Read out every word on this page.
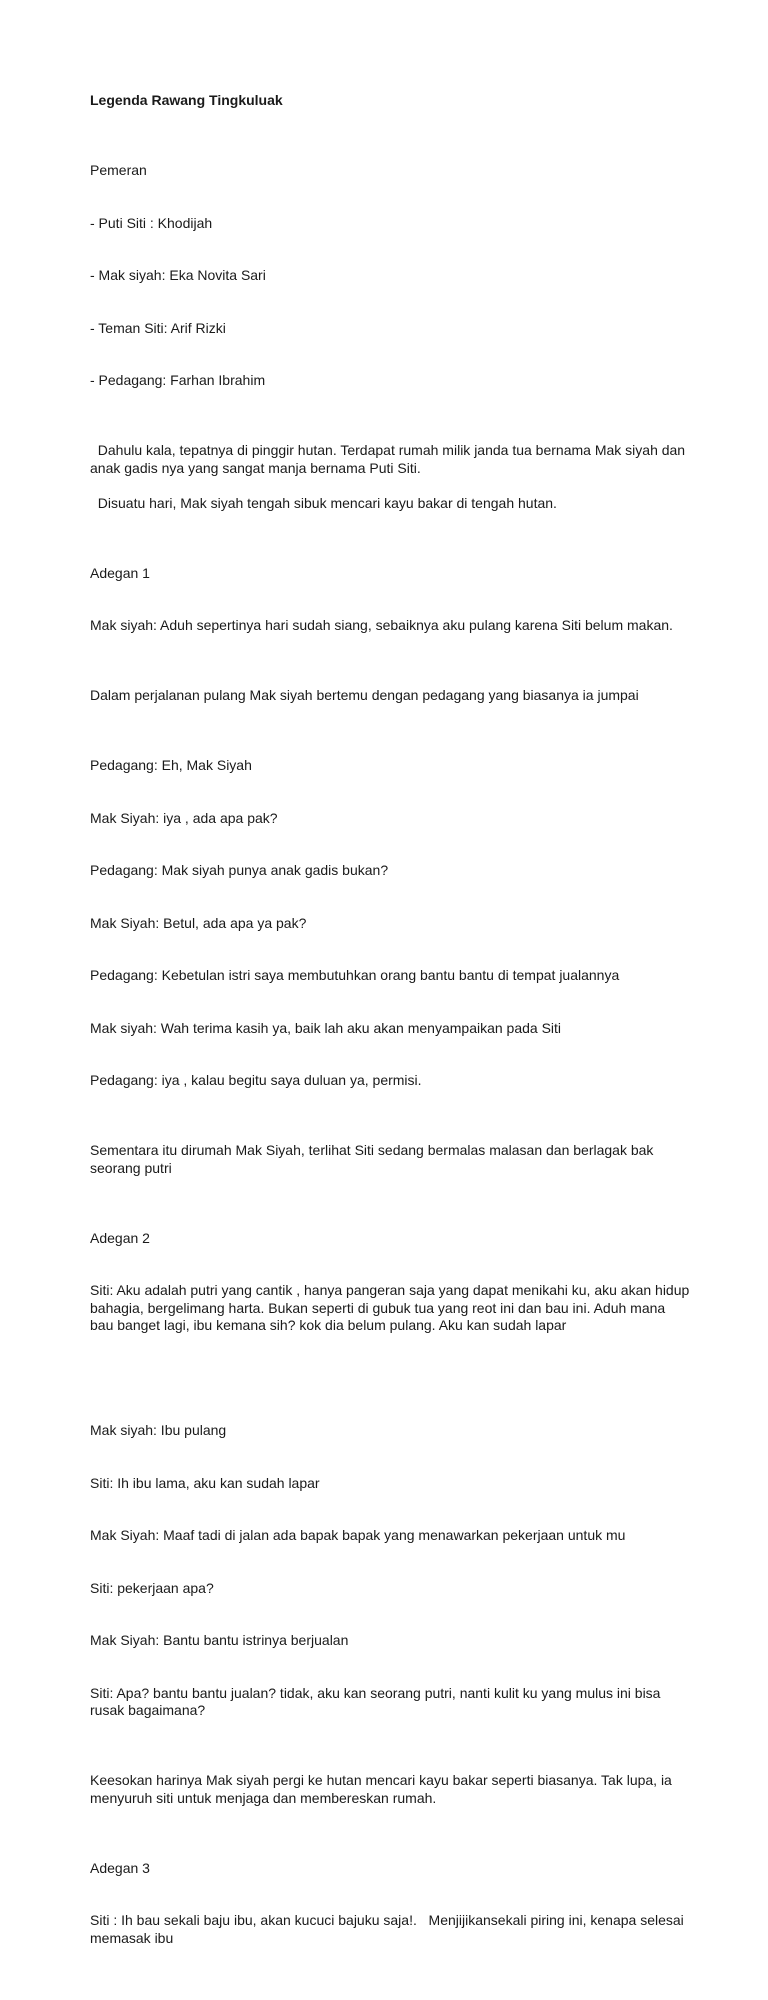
Legenda Rawang Tingkuluak

Pemeran

- Puti Siti : Khodijah

- Mak siyah: Eka Novita Sari

- Teman Siti: Arif Rizki

- Pedagang: Farhan Ibrahim

Dahulu kala, tepatnya di pinggir hutan. Terdapat rumah milik janda tua bernama Mak siyah dan anak gadis nya yang sangat manja bernama Puti Siti.
Disuatu hari, Mak siyah tengah sibuk mencari kayu bakar di tengah hutan.

Adegan 1

Mak siyah: Aduh sepertinya hari sudah siang, sebaiknya aku pulang karena Siti belum makan.

Dalam perjalanan pulang Mak siyah bertemu dengan pedagang yang biasanya ia jumpai

Pedagang: Eh, Mak Siyah

Mak Siyah: iya , ada apa pak?

Pedagang: Mak siyah punya anak gadis bukan?

Mak Siyah: Betul, ada apa ya pak?

Pedagang: Kebetulan istri saya membutuhkan orang bantu bantu di tempat jualannya

Mak siyah: Wah terima kasih ya, baik lah aku akan menyampaikan pada Siti

Pedagang: iya , kalau begitu saya duluan ya, permisi.

Sementara itu dirumah Mak Siyah, terlihat Siti sedang bermalas malasan dan berlagak bak seorang putri

Adegan 2

Siti: Aku adalah putri yang cantik , hanya pangeran saja yang dapat menikahi ku, aku akan hidup bahagia, bergelimang harta. Bukan seperti di gubuk tua yang reot ini dan bau ini. Aduh mana bau banget lagi, ibu kemana sih? kok dia belum pulang. Aku kan sudah lapar

Mak siyah: Ibu pulang

Siti: Ih ibu lama, aku kan sudah lapar

Mak Siyah: Maaf tadi di jalan ada bapak bapak yang menawarkan pekerjaan untuk mu

Siti: pekerjaan apa?

Mak Siyah: Bantu bantu istrinya berjualan

Siti: Apa? bantu bantu jualan? tidak, aku kan seorang putri, nanti kulit ku yang mulus ini bisa rusak bagaimana?

Keesokan harinya Mak siyah pergi ke hutan mencari kayu bakar seperti biasanya. Tak lupa, ia menyuruh siti untuk menjaga dan membereskan rumah.

Adegan 3

Siti : Ih bau sekali baju ibu, akan kucuci bajuku saja!.   Menjijikansekali piring ini, kenapa selesai memasak ibu
